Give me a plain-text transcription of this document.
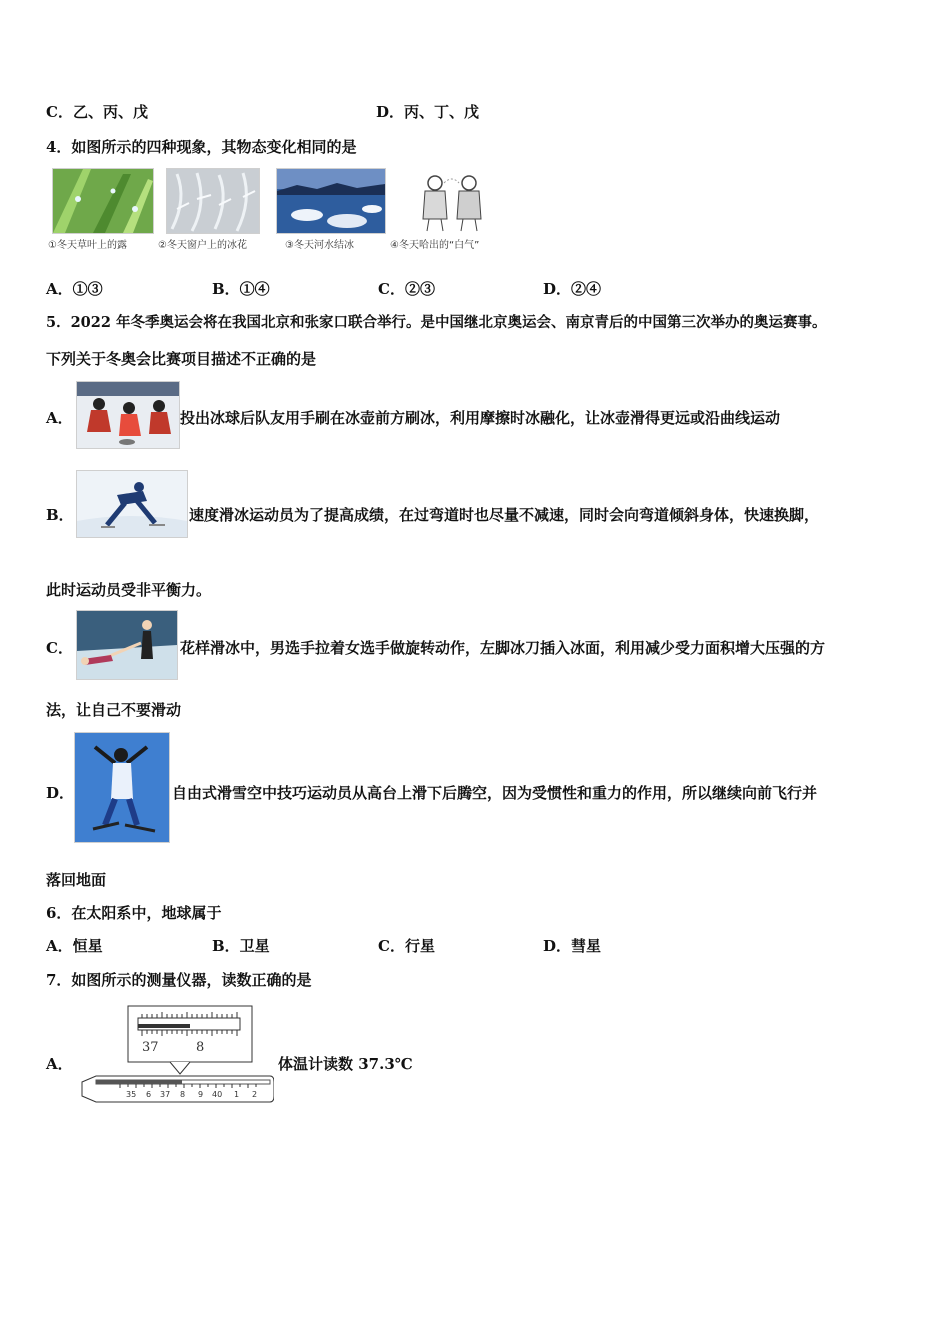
C．乙、丙、戊	D．丙、丁、戊
4．如图所示的四种现象，其物态变化相同的是
①冬天草叶上的露	②冬天窗户上的冰花	③冬天河水结冰	④冬天哈出的“白气”
A．①③	B．①④	C．②③	D．②④
5．2022 年冬季奥运会将在我国北京和张家口联合举行。是中国继北京奥运会、南京青后的中国第三次举办的奥运赛事。
下列关于冬奥会比赛项目描述不正确的是
A．	投出冰球后队友用手刷在冰壶前方刷冰，利用摩擦时冰融化，让冰壶滑得更远或沿曲线运动
B．	速度滑冰运动员为了提高成绩，在过弯道时也尽量不减速，同时会向弯道倾斜身体，快速换脚，
此时运动员受非平衡力。
C．	花样滑冰中，男选手拉着女选手做旋转动作，左脚冰刀插入冰面，利用减少受力面积增大压强的方
法，让自己不要滑动
D．	自由式滑雪空中技巧运动员从高台上滑下后腾空，因为受惯性和重力的作用，所以继续向前飞行并
落回地面
6．在太阳系中，地球属于
A．恒星	B．卫星	C．行星	D．彗星
7．如图所示的测量仪器，读数正确的是
A．
37	8
35 6 37 8 9 40 1 2
体温计读数 37.3℃
